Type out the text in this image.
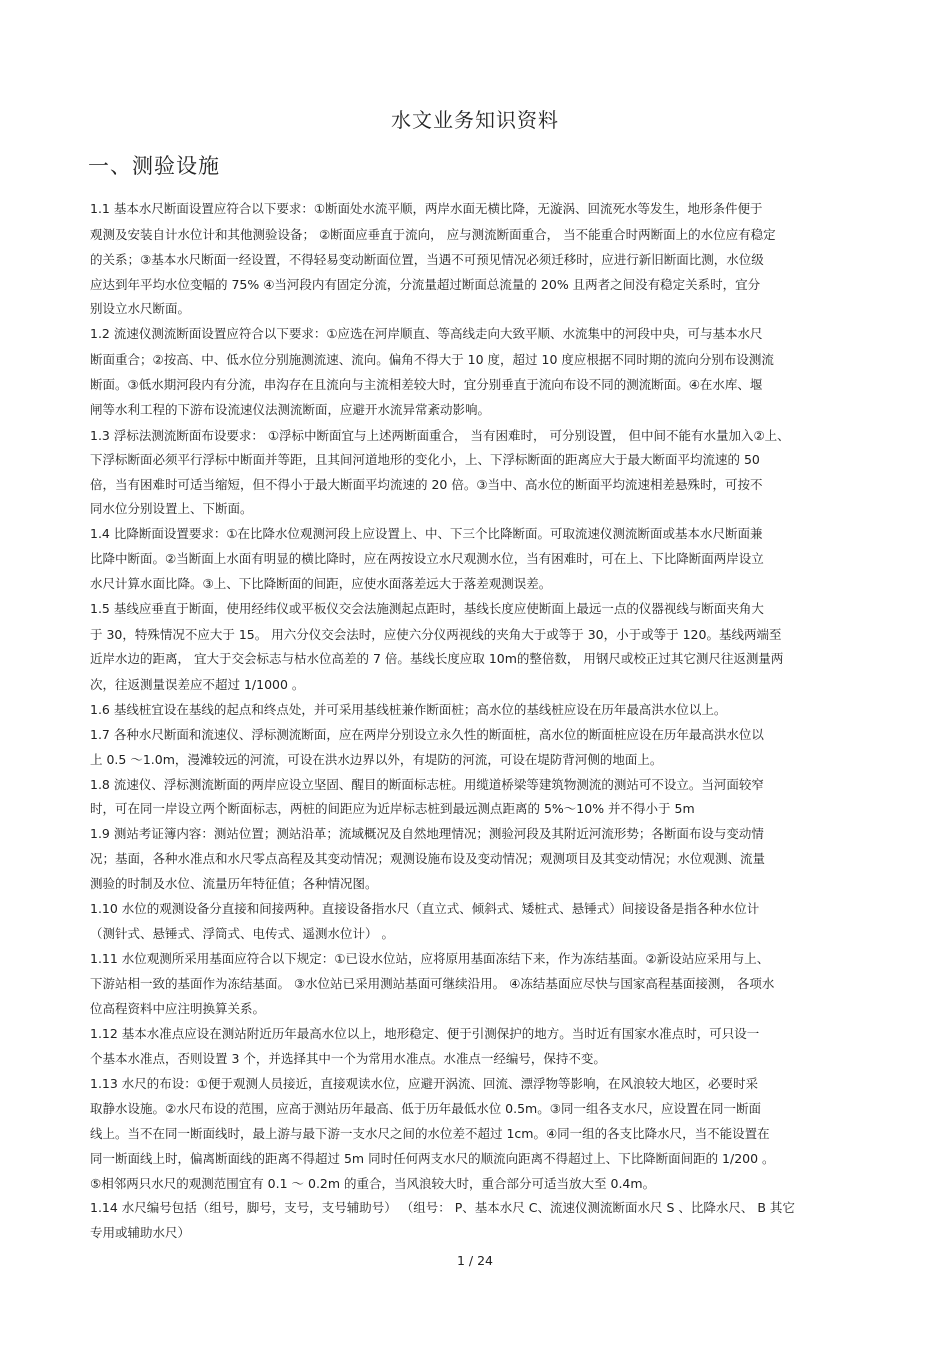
水文业务知识资料
一、测验设施
1.1 基本水尺断面设置应符合以下要求：①断面处水流平顺，两岸水面无横比降，无漩涡、回流死水等发生，地形条件便于
观测及安装自计水位计和其他测验设备； ②断面应垂直于流向， 应与测流断面重合， 当不能重合时两断面上的水位应有稳定
的关系；③基本水尺断面一经设置，不得轻易变动断面位置，当遇不可预见情况必须迁移时，应进行新旧断面比测，水位级
应达到年平均水位变幅的 75% ④当河段内有固定分流，分流量超过断面总流量的 20% 且两者之间没有稳定关系时，宜分
别设立水尺断面。
1.2 流速仪测流断面设置应符合以下要求：①应选在河岸顺直、等高线走向大致平顺、水流集中的河段中央，可与基本水尺
断面重合；②按高、中、低水位分别施测流速、流向。偏角不得大于 10 度，超过 10 度应根据不同时期的流向分别布设测流
断面。③低水期河段内有分流，串沟存在且流向与主流相差较大时，宜分别垂直于流向布设不同的测流断面。④在水库、堰
闸等水利工程的下游布设流速仪法测流断面，应避开水流异常紊动影响。
1.3 浮标法测流断面布设要求： ①浮标中断面宜与上述两断面重合， 当有困难时， 可分别设置， 但中间不能有水量加入②上、
下浮标断面必须平行浮标中断面并等距，且其间河道地形的变化小，上、下浮标断面的距离应大于最大断面平均流速的 50
倍，当有困难时可适当缩短，但不得小于最大断面平均流速的 20 倍。③当中、高水位的断面平均流速相差悬殊时，可按不
同水位分别设置上、下断面。
1.4 比降断面设置要求：①在比降水位观测河段上应设置上、中、下三个比降断面。可取流速仪测流断面或基本水尺断面兼
比降中断面。②当断面上水面有明显的横比降时，应在两按设立水尺观测水位，当有困难时，可在上、下比降断面两岸设立
水尺计算水面比降。③上、下比降断面的间距，应使水面落差远大于落差观测误差。
1.5 基线应垂直于断面，使用经纬仪或平板仪交会法施测起点距时，基线长度应使断面上最远一点的仪器视线与断面夹角大
于 30，特殊情况不应大于 15。 用六分仪交会法时，应使六分仪两视线的夹角大于或等于 30，小于或等于 120。基线两端至
近岸水边的距离， 宜大于交会标志与枯水位高差的 7 倍。基线长度应取 10m的整倍数， 用钢尺或校正过其它测尺往返测量两
次，往返测量误差应不超过 1/1000 。
1.6 基线桩宜设在基线的起点和终点处，并可采用基线桩兼作断面桩；高水位的基线桩应设在历年最高洪水位以上。
1.7 各种水尺断面和流速仪、浮标测流断面，应在两岸分别设立永久性的断面桩，高水位的断面桩应设在历年最高洪水位以
上 0.5 ～1.0m，漫滩较远的河流，可设在洪水边界以外，有堤防的河流，可设在堤防背河侧的地面上。
1.8 流速仪、浮标测流断面的两岸应设立坚固、醒目的断面标志桩。用缆道桥梁等建筑物测流的测站可不设立。当河面较窄
时，可在同一岸设立两个断面标志，两桩的间距应为近岸标志桩到最远测点距离的 5%～10% 并不得小于 5m
1.9 测站考证簿内容：测站位置；测站沿革；流域概况及自然地理情况；测验河段及其附近河流形势；各断面布设与变动情
况；基面，各种水准点和水尺零点高程及其变动情况；观测设施布设及变动情况；观测项目及其变动情况；水位观测、流量
测验的时制及水位、流量历年特征值；各种情况图。
1.10 水位的观测设备分直接和间接两种。直接设备指水尺（直立式、倾斜式、矮桩式、悬锤式）间接设备是指各种水位计
（测针式、悬锤式、浮筒式、电传式、遥测水位计） 。
1.11 水位观测所采用基面应符合以下规定：①已设水位站，应将原用基面冻结下来，作为冻结基面。②新设站应采用与上、
下游站相一致的基面作为冻结基面。 ③水位站已采用测站基面可继续沿用。 ④冻结基面应尽快与国家高程基面接测， 各项水
位高程资料中应注明换算关系。
1.12 基本水准点应设在测站附近历年最高水位以上，地形稳定、便于引测保护的地方。当时近有国家水准点时，可只设一
个基本水准点，否则设置 3 个，并选择其中一个为常用水准点。水准点一经编号，保持不变。
1.13 水尺的布设：①便于观测人员接近，直接观读水位，应避开涡流、回流、漂浮物等影响，在风浪较大地区，必要时采
取静水设施。②水尺布设的范围，应高于测站历年最高、低于历年最低水位 0.5m。③同一组各支水尺，应设置在同一断面
线上。当不在同一断面线时，最上游与最下游一支水尺之间的水位差不超过 1cm。④同一组的各支比降水尺，当不能设置在
同一断面线上时，偏离断面线的距离不得超过 5m 同时任何两支水尺的顺流向距离不得超过上、下比降断面间距的 1/200 。
⑤相邻两只水尺的观测范围宜有 0.1 ～ 0.2m 的重合，当风浪较大时，重合部分可适当放大至 0.4m。
1.14 水尺编号包括（组号，脚号，支号，支号辅助号） （组号： P、基本水尺 C、流速仪测流断面水尺 S 、比降水尺、 B 其它
专用或辅助水尺）
1 / 24
